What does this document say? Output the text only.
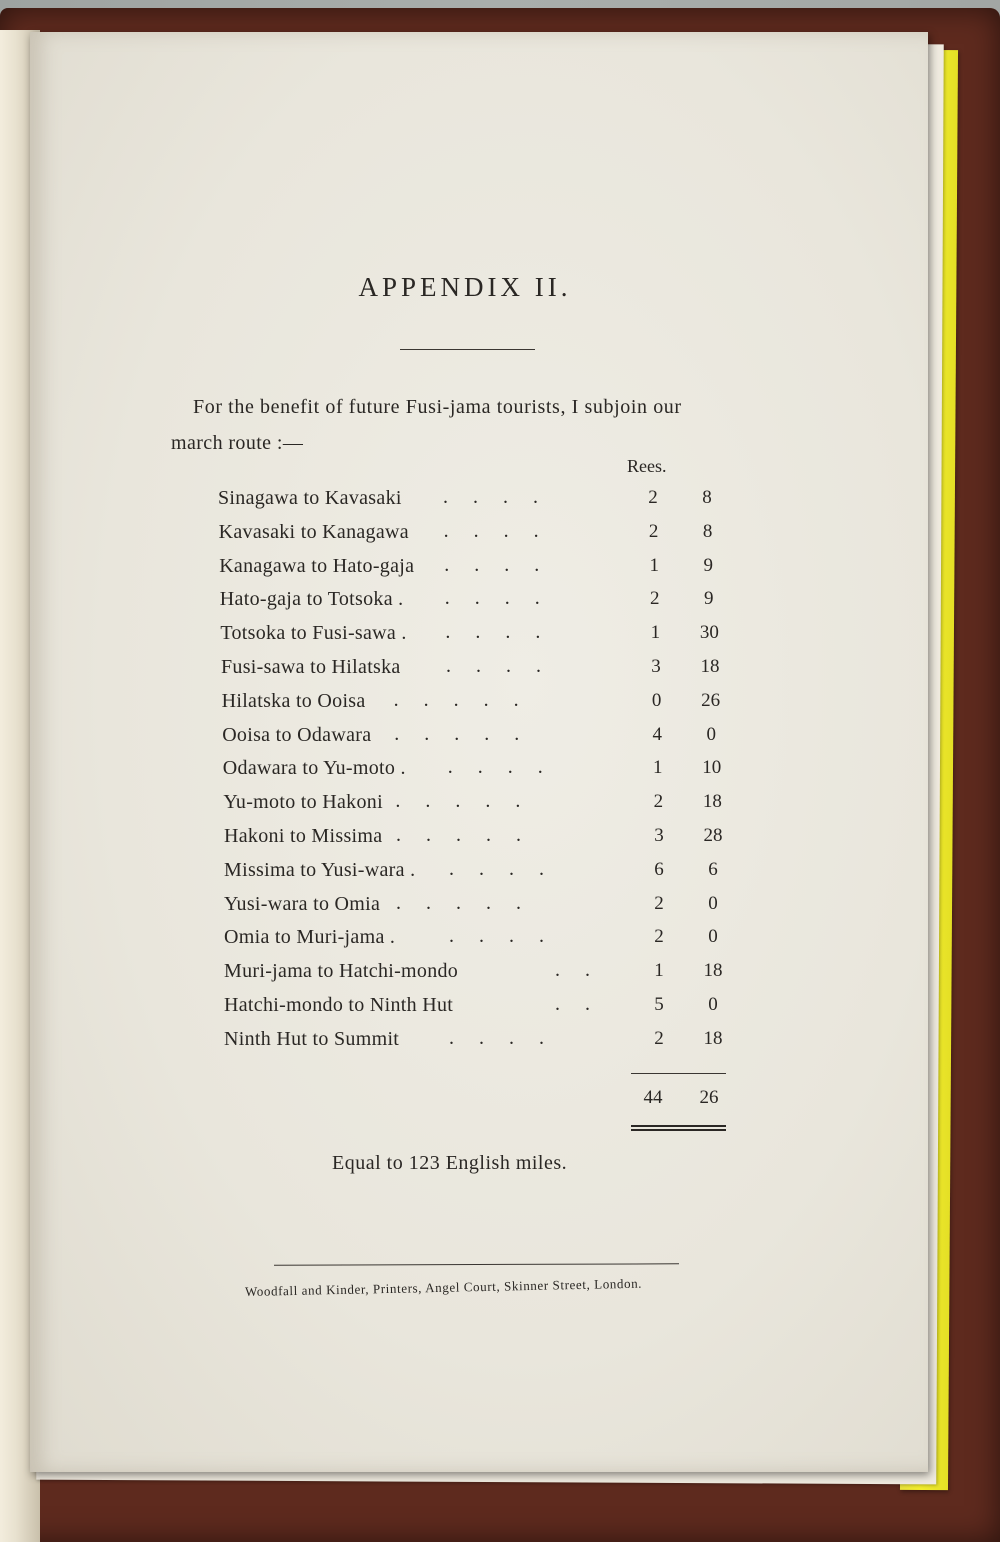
APPENDIX II.
For the benefit of future Fusi-jama tourists, I subjoin our
march route :—
Rees.
Sinagawa to Kavasaki .     .     .     .	2	8
Kavasaki to Kanagawa .     .     .     .	2	8
Kanagawa to Hato-gaja .     .     .     .	1	9
Hato-gaja to Totsoka . .     .     .     .	2	9
Totsoka to Fusi-sawa . .     .     .     .	1	30
Fusi-sawa to Hilatska .     .     .     .	3	18
Hilatska to Ooisa .     .     .     .     .	0	26
Ooisa to Odawara .     .     .     .     .	4	0
Odawara to Yu-moto . .     .     .     .	1	10
Yu-moto to Hakoni .     .     .     .     .	2	18
Hakoni to Missima .     .     .     .     .	3	28
Missima to Yusi-wara . .     .     .     .	6	6
Yusi-wara to Omia .     .     .     .     .	2	0
Omia to Muri-jama .	.     .     .     .	2	0
Muri-jama to Hatchi-mondo	.     .	1	18
Hatchi-mondo to Ninth Hut	.     .	5	0
Ninth Hut to Summit .     .     .     .	2	18
44	26
Equal to 123 English miles.
Woodfall and Kinder, Printers, Angel Court, Skinner Street, London.
